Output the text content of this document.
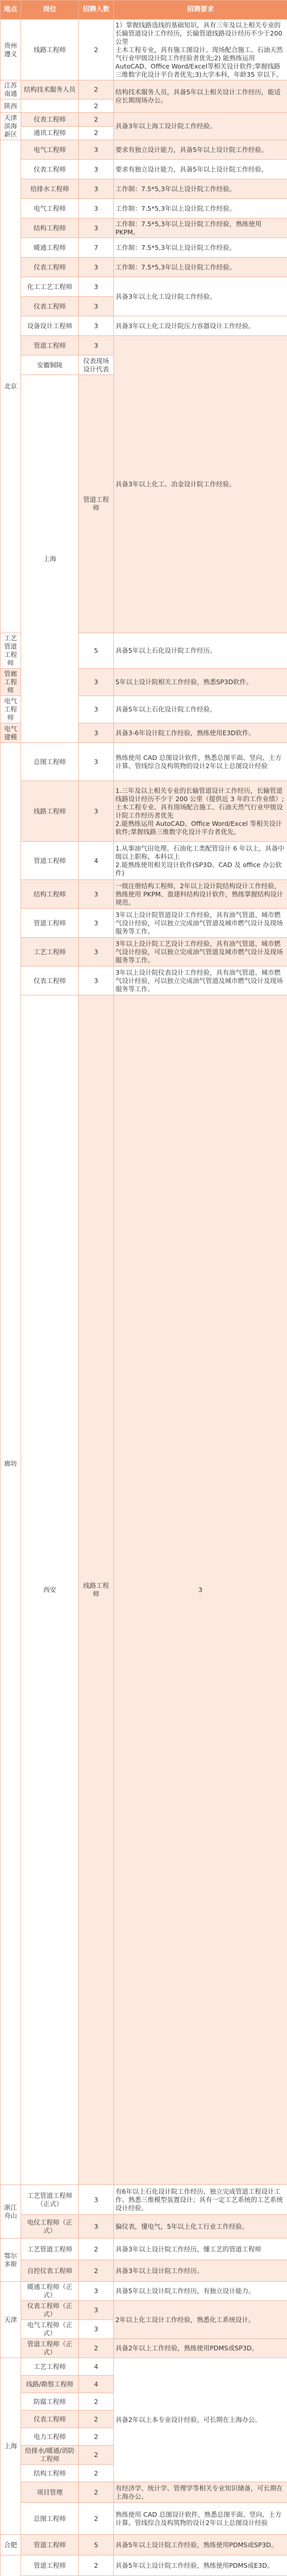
地点	岗位	招聘人数	招聘要求	
贵州遵义	线路工程师	2	1）掌握线路选线的基础知识，具有三年及以上相关专业的长输管道设计工作经历，长输管道线路设计经历不少于200公里
土木工程专业，具有施工图设计、现场配合施工、石油天然气行业甲级设计院工作经验者优先;2) 能熟练运用 AutoCAD、Office Word/Excel等相关设计软件;掌握线路三维数字化设计平台者优先;3)大学本科，年龄35 岁以下。	
江苏南通	结构技术服务人员	2	结构技术服务人员，具备5年以上相关设计工作经历，能适应长期现场办公。	
陕西		2		
天津滨海新区	仪表工程师	2	具备3年以上海工设计院工作经验。	
	通讯工程师	2		
北京	电气工程师	3	要求有独立设计能力，具备5年以上设计院工作经验。	
	仪表工程师	3	要求有独立设计能力，具备5年以上设计院工作经验。	
	给排水工程师	3	工作制：7.5*5,3年以上设计院工作经验。	
	电气工程师	3	工作制：7.5*5,3年以上设计院工作经验。	
	结构工程师	3	工作制：7.5*5,3年以上设计院工作经验，熟练使用PKPM。	
	暖通工程师	7	工作制：7.5*5,3年以上设计院工作经验。	
	仪表工程师	3	工作制：7.5*5,3年以上设计院工作经验。	
	化工工艺工程师	3	具备3年以上化工设计院工作经验。	
	仪表工程师	3		
	设备设计工程师	3	具备3年以上化工设计院压力容器设计工作经验。	
	管道工程师	3	具备3年以上化工、冶金设计院工作经验。	
	安徽铜陵	仪表现场设计代表	
	上海	管道工程师		
工艺管道工程师		5	具备5年以上石化设计院工作经历。	
管廊工程师		3	5年以上设计院相关工作经验，熟悉SP3D软件。	
电气工程师		3	具备5年以上石化设计院工作经验。	
电气建模		3	具备3-6年设计院工作经验，熟练使用E3D软件。	
廊坊	总图工程师	3	熟练使用 CAD 总图设计软件，熟悉总图平面、竖向、土方计算、管线综合及构筑物的设计2年以上总图设计经验	
	线路工程师	3	1.三年及以上相关专业的长输管道设计工作经历，长输管道线路设计经历不少于 200 公里（提供近 3 年的工作业绩）;土木工程专业、具有现场配合施工、石油天然气行业甲级设计院工作经历者优先
2.能熟练运用 AutoCAD、Office Word/Excel 等相关设计软件;掌握线路三维数字化设计平台者优先。	
	管道工程师	4	1.从事油气田处理、石油化工类配管设计 6 年以上，具备中级以上职称，本科以上
2.能熟练使用相关设计软件(SP3D、CAD 及 office 办公软件)	
	结构工程师	3	一级注册结构工程师，2年以上设计院结构设计工作经验，熟练使用 PKPM、盈建科结构设计软件，熟练掌握结构设计规范。	
	管道工程师	3	3年以上设计院管道设计工作经验，具有油气管道、城市燃气设计经验，可以独立完成油气管道及城市燃气设计及现场服务等工作。	
	工艺工程师	3	3年以上设计院工艺设计工作经验，具有油气管道、城市燃气设计经验，可以独立完成油气管道及城市燃气设计及现场服务等工作。	
	仪表工程师	3	3年以上设计院仪表设计工作经验，具有油气管道、城市燃气设计经验，可以独立完成油气管道及城市燃气设计及现场服务等工作。	
	西安	线路工程师	3	
浙江舟山	工艺管道工程师（正式）	3	有6年以上石化设计院工作经历，独立完成管道工程设计工作。熟悉三维模型装置设计；具有一定工艺系统的工艺系统设计经验。	
	电仪工程师（正式）	3	偏仪表，懂电气，5年以上化工行业工作经验。	
鄂尔多斯	工艺管道工程师	2	具备3年以上设计院工作经历，懂工艺的管道工程师	
	自控仪表工程师	2	具备3年以上设计院工作经历。	
天津	暖通工程师（正式）	3	具备5年以上设计院工作经历，有独立设计能力。	
	仪表工程师（正式）	3	2年以上化工设计工作经验，熟悉化工系统设计。	
	电气工程师（正式）	3		
	管道工程师（正式）	2	具备2年以上工作经验，熟练使用PDMS或SP3D。	
上海	工艺工程师	4	具备2年以上本专业设计经验，可长期在上海办公。	
	线路/勘察工程师	4		
	防腐工程师	2		
	仪表工程师	2		
	电力工程师	2		
	给排水/暖通/消防工程师	2		
	结构工程师	2		
	项目管理	2	有经济学、统计学、管理学等相关专业知识储备，可长期在上海办公。	
	总图工程师	2	熟练使用 CAD 总图设计软件，熟悉总图平面、竖向、土方计算、管线综合及构筑物的设计2年以上总图设计经验	
合肥	管道工程师	5	具备5年以上设计院工作经验，熟练使用PDMS或SP3D。	
	管道工程师	2	具备5年以上设计院工作经验，熟练使用PDMS或E3D。	
